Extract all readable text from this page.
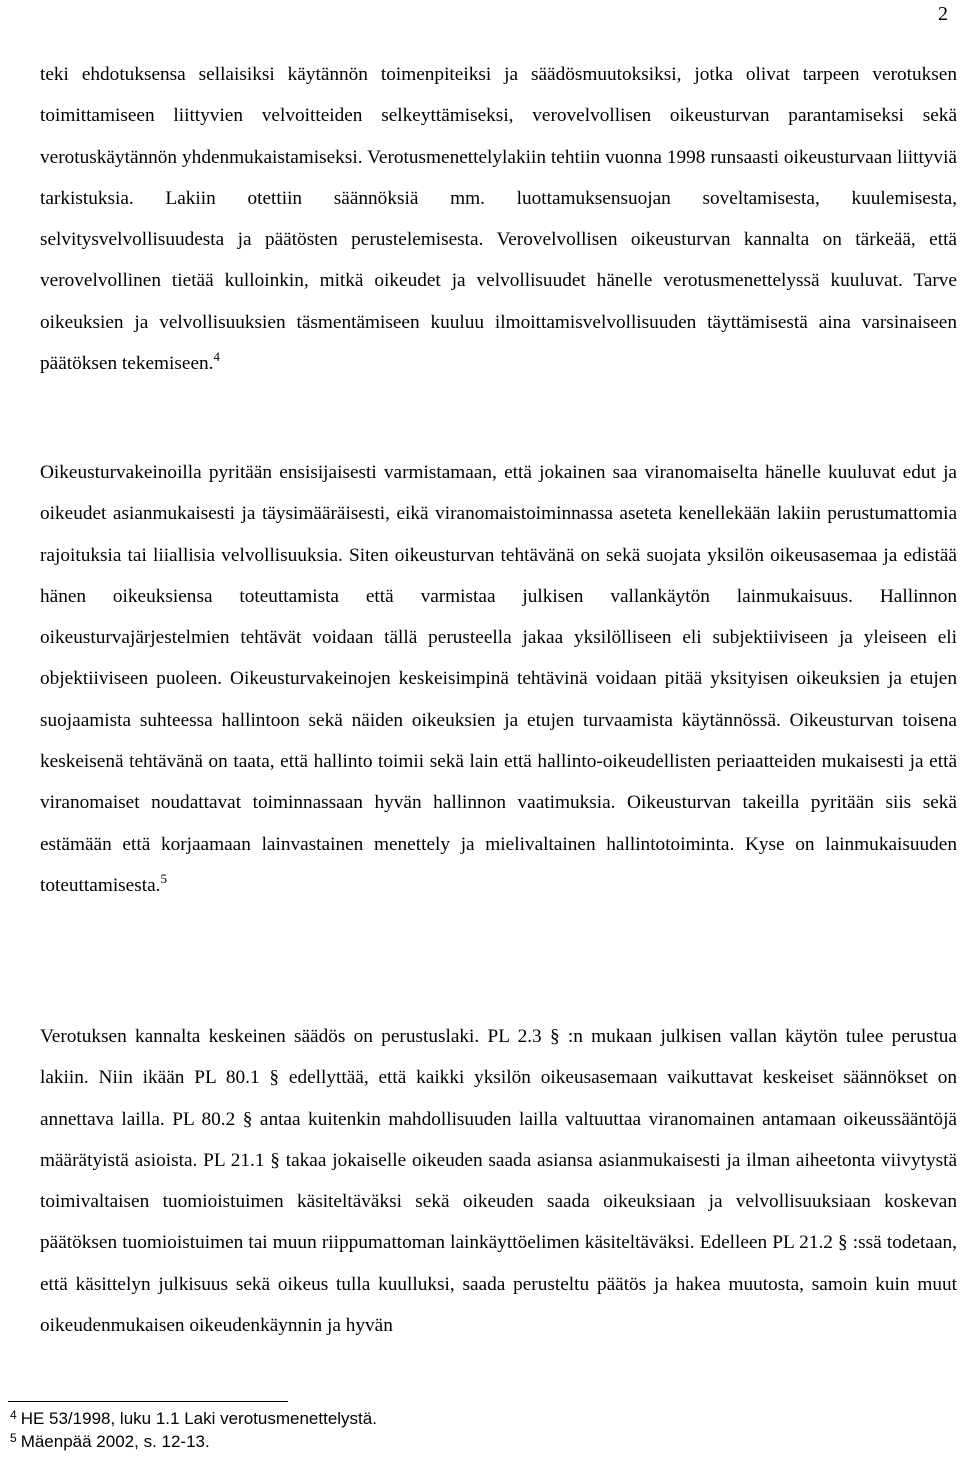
2

teki ehdotuksensa sellaisiksi käytännön toimenpiteiksi ja säädösmuutoksiksi, jotka olivat tarpeen verotuksen toimittamiseen liittyvien velvoitteiden selkeyttämiseksi, verovelvollisen oikeusturvan parantamiseksi sekä verotuskäytännön yhdenmukaistamiseksi. Verotusmenettelylakiin tehtiin vuonna 1998 runsaasti oikeusturvaan liittyviä tarkistuksia. Lakiin otettiin säännöksiä mm. luottamuksensuojan soveltamisesta, kuulemisesta, selvitysvelvollisuudesta ja päätösten perustelemisesta. Verovelvollisen oikeusturvan kannalta on tärkeää, että verovelvollinen tietää kulloinkin, mitkä oikeudet ja velvollisuudet hänelle verotusmenettelyssä kuuluvat. Tarve oikeuksien ja velvollisuuksien täsmentämiseen kuuluu ilmoittamisvelvollisuuden täyttämisestä aina varsinaiseen päätöksen tekemiseen.$^4$

Oikeusturvakeinoilla pyritään ensisijaisesti varmistamaan, että jokainen saa viranomaiselta hänelle kuuluvat edut ja oikeudet asianmukaisesti ja täysimääräisesti, eikä viranomaistoiminnassa aseteta kenellekään lakiin perustumattomia rajoituksia tai liiallisia velvollisuuksia. Siten oikeusturvan tehtävänä on sekä suojata yksilön oikeusasemaa ja edistää hänen oikeuksiensa toteuttamista että varmistaa julkisen vallankäytön lainmukaisuus. Hallinnon oikeusturvajärjestelmien tehtävät voidaan tällä perusteella jakaa yksilölliseen eli subjektiiviseen ja yleiseen eli objektiiviseen puoleen. Oikeusturvakeinojen keskeisimpinä tehtävinä voidaan pitää yksityisen oikeuksien ja etujen suojaamista suhteessa hallintoon sekä näiden oikeuksien ja etujen turvaamista käytännössä. Oikeusturvan toisena keskeisenä tehtävänä on taata, että hallinto toimii sekä lain että hallinto-oikeudellisten periaatteiden mukaisesti ja että viranomaiset noudattavat toiminnassaan hyvän hallinnon vaatimuksia. Oikeusturvan takeilla pyritään siis sekä estämään että korjaamaan lainvastainen menettely ja mielivaltainen hallintotoiminta. Kyse on lainmukaisuuden toteuttamisesta.$^5$

Verotuksen kannalta keskeinen säädös on perustuslaki. PL 2.3 § :n mukaan julkisen vallan käytön tulee perustua lakiin. Niin ikään PL 80.1 § edellyttää, että kaikki yksilön oikeusasemaan vaikuttavat keskeiset säännökset on annettava lailla. PL 80.2 § antaa kuitenkin mahdollisuuden lailla valtuuttaa viranomainen antamaan oikeussääntöjä määrätyistä asioista. PL 21.1 § takaa jokaiselle oikeuden saada asiansa asianmukaisesti ja ilman aiheetonta viivytystä toimivaltaisen tuomioistuimen käsiteltäväksi sekä oikeuden saada oikeuksiaan ja velvollisuuksiaan koskevan päätöksen tuomioistuimen tai muun riippumattoman lainkäyttöelimen käsiteltäväksi. Edelleen PL 21.2 § :ssä todetaan, että käsittelyn julkisuus sekä oikeus tulla kuulluksi, saada perusteltu päätös ja hakea muutosta, samoin kuin muut oikeudenmukaisen oikeudenkäynnin ja hyvän

$^4$ HE 53/1998, luku 1.1 Laki verotusmenettelystä.
$^5$ Mäenpää 2002, s. 12-13.
